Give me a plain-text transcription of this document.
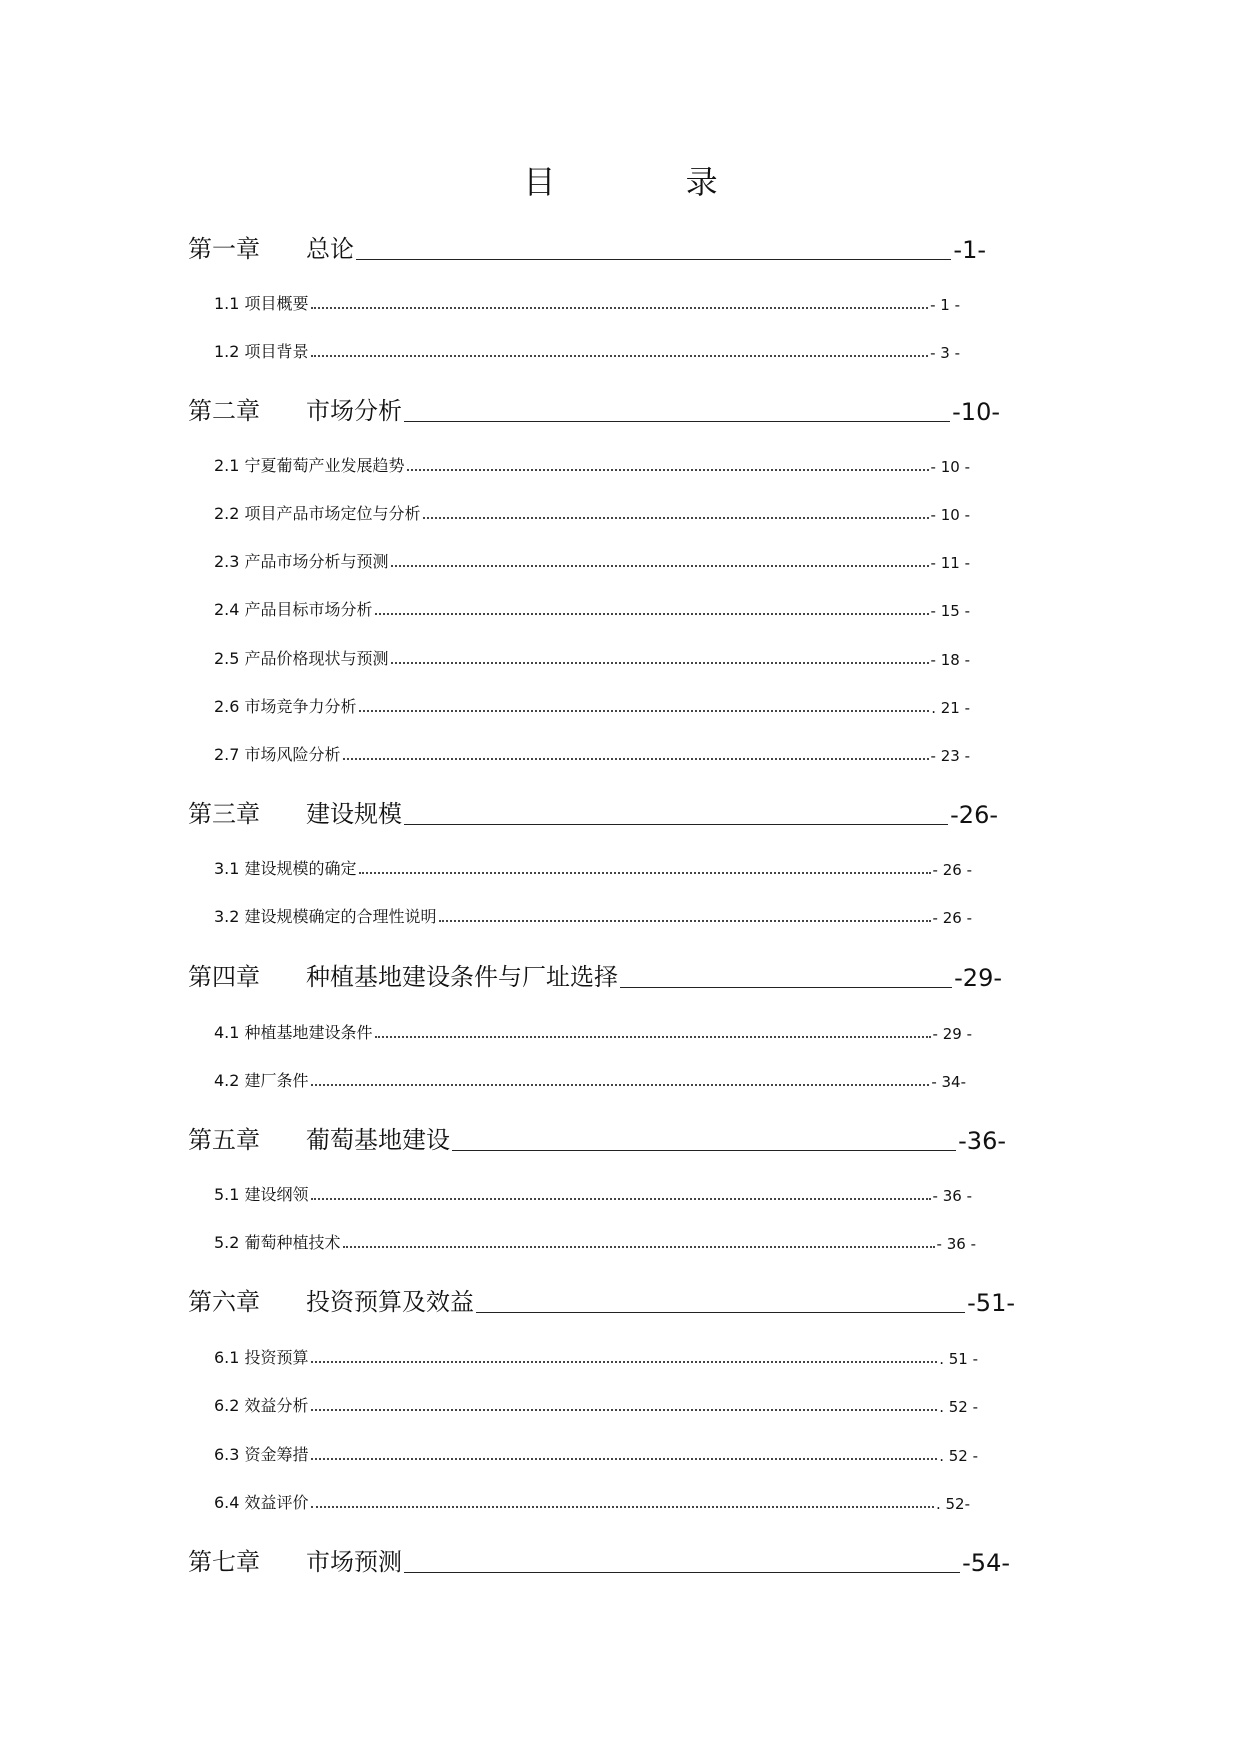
目 录
第一章	总论	-1-
1.1 项目概要	- 1 -
1.2 项目背景	- 3 -
第二章	市场分析	-10-
2.1 宁夏葡萄产业发展趋势	- 10 -
2.2 项目产品市场定位与分析	- 10 -
2.3 产品市场分析与预测	- 11 -
2.4 产品目标市场分析	- 15 -
2.5 产品价格现状与预测	- 18 -
2.6 市场竞争力分析	. 21 -
2.7 市场风险分析	- 23 -
第三章	建设规模	-26-
3.1 建设规模的确定	- 26 -
3.2 建设规模确定的合理性说明	- 26 -
第四章	种植基地建设条件与厂址选择	-29-
4.1 种植基地建设条件	- 29 -
4.2 建厂条件	- 34-
第五章	葡萄基地建设	-36-
5.1 建设纲领	- 36 -
5.2 葡萄种植技术	- 36 -
第六章	投资预算及效益	-51-
6.1 投资预算	. 51 -
6.2 效益分析	. 52 -
6.3 资金筹措	. 52 -
6.4 效益评价	. 52-
第七章	市场预测	-54-
